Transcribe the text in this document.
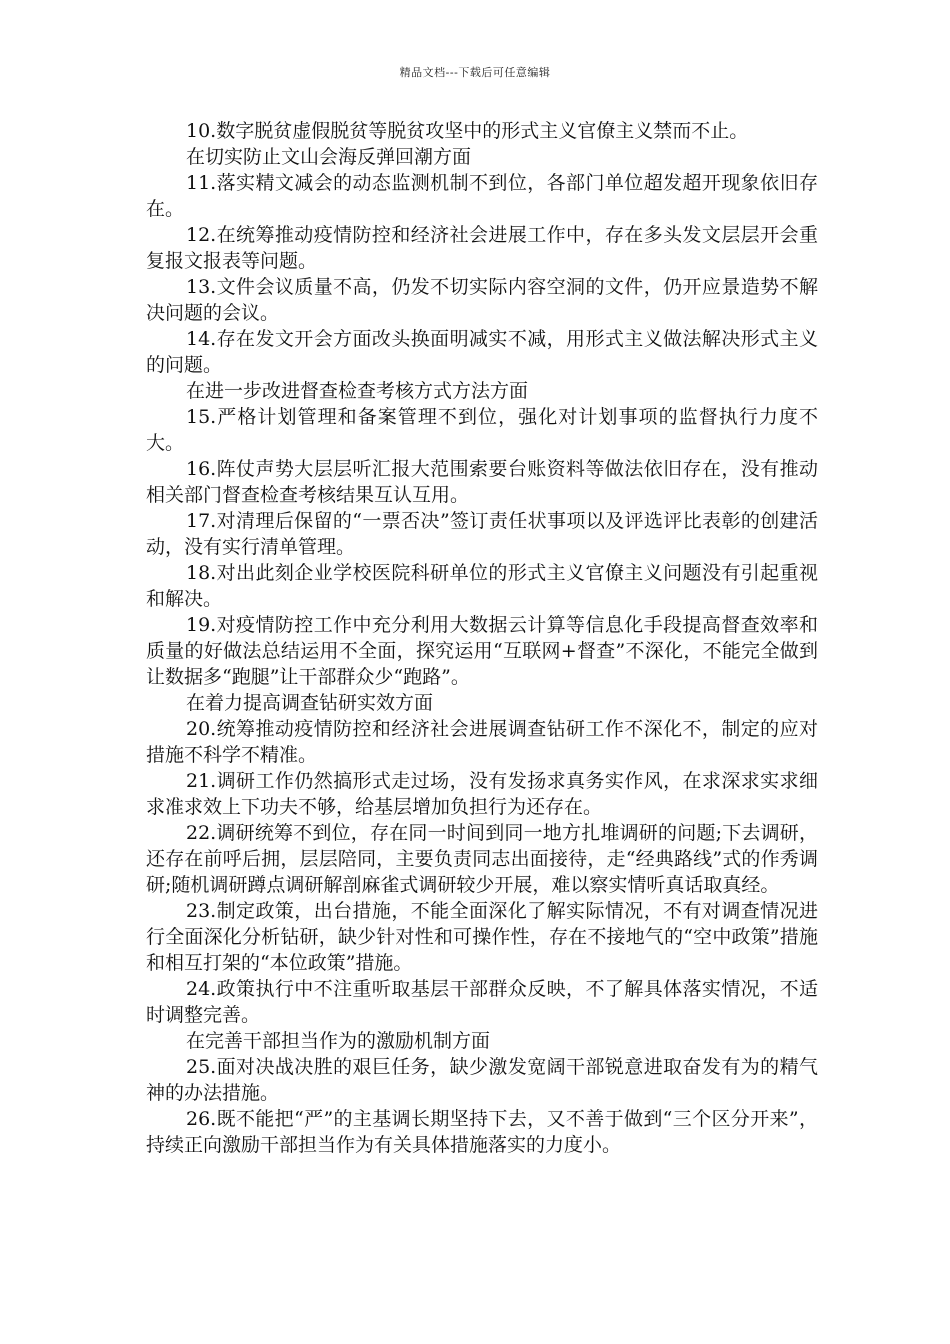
精品文档---下载后可任意编辑

10.数字脱贫虚假脱贫等脱贫攻坚中的形式主义官僚主义禁而不止。

在切实防止文山会海反弹回潮方面

11.落实精文减会的动态监测机制不到位，各部门单位超发超开现象依旧存在。

12.在统筹推动疫情防控和经济社会进展工作中，存在多头发文层层开会重复报文报表等问题。

13.文件会议质量不高，仍发不切实际内容空洞的文件，仍开应景造势不解决问题的会议。

14.存在发文开会方面改头换面明减实不减，用形式主义做法解决形式主义的问题。

在进一步改进督查检查考核方式方法方面

15.严格计划管理和备案管理不到位，强化对计划事项的监督执行力度不大。

16.阵仗声势大层层听汇报大范围索要台账资料等做法依旧存在，没有推动相关部门督查检查考核结果互认互用。

17.对清理后保留的“一票否决”签订责任状事项以及评选评比表彰的创建活动，没有实行清单管理。

18.对出此刻企业学校医院科研单位的形式主义官僚主义问题没有引起重视和解决。

19.对疫情防控工作中充分利用大数据云计算等信息化手段提高督查效率和质量的好做法总结运用不全面，探究运用“互联网+督查”不深化，不能完全做到让数据多“跑腿”让干部群众少“跑路”。

在着力提高调查钻研实效方面

20.统筹推动疫情防控和经济社会进展调查钻研工作不深化不，制定的应对措施不科学不精准。

21.调研工作仍然搞形式走过场，没有发扬求真务实作风，在求深求实求细求准求效上下功夫不够，给基层增加负担行为还存在。

22.调研统筹不到位，存在同一时间到同一地方扎堆调研的问题;下去调研，还存在前呼后拥，层层陪同，主要负责同志出面接待，走“经典路线”式的作秀调研;随机调研蹲点调研解剖麻雀式调研较少开展，难以察实情听真话取真经。

23.制定政策，出台措施，不能全面深化了解实际情况，不有对调查情况进行全面深化分析钻研，缺少针对性和可操作性，存在不接地气的“空中政策”措施和相互打架的“本位政策”措施。

24.政策执行中不注重听取基层干部群众反映，不了解具体落实情况，不适时调整完善。

在完善干部担当作为的激励机制方面

25.面对决战决胜的艰巨任务，缺少激发宽阔干部锐意进取奋发有为的精气神的办法措施。

26.既不能把“严”的主基调长期坚持下去，又不善于做到“三个区分开来”，持续正向激励干部担当作为有关具体措施落实的力度小。
